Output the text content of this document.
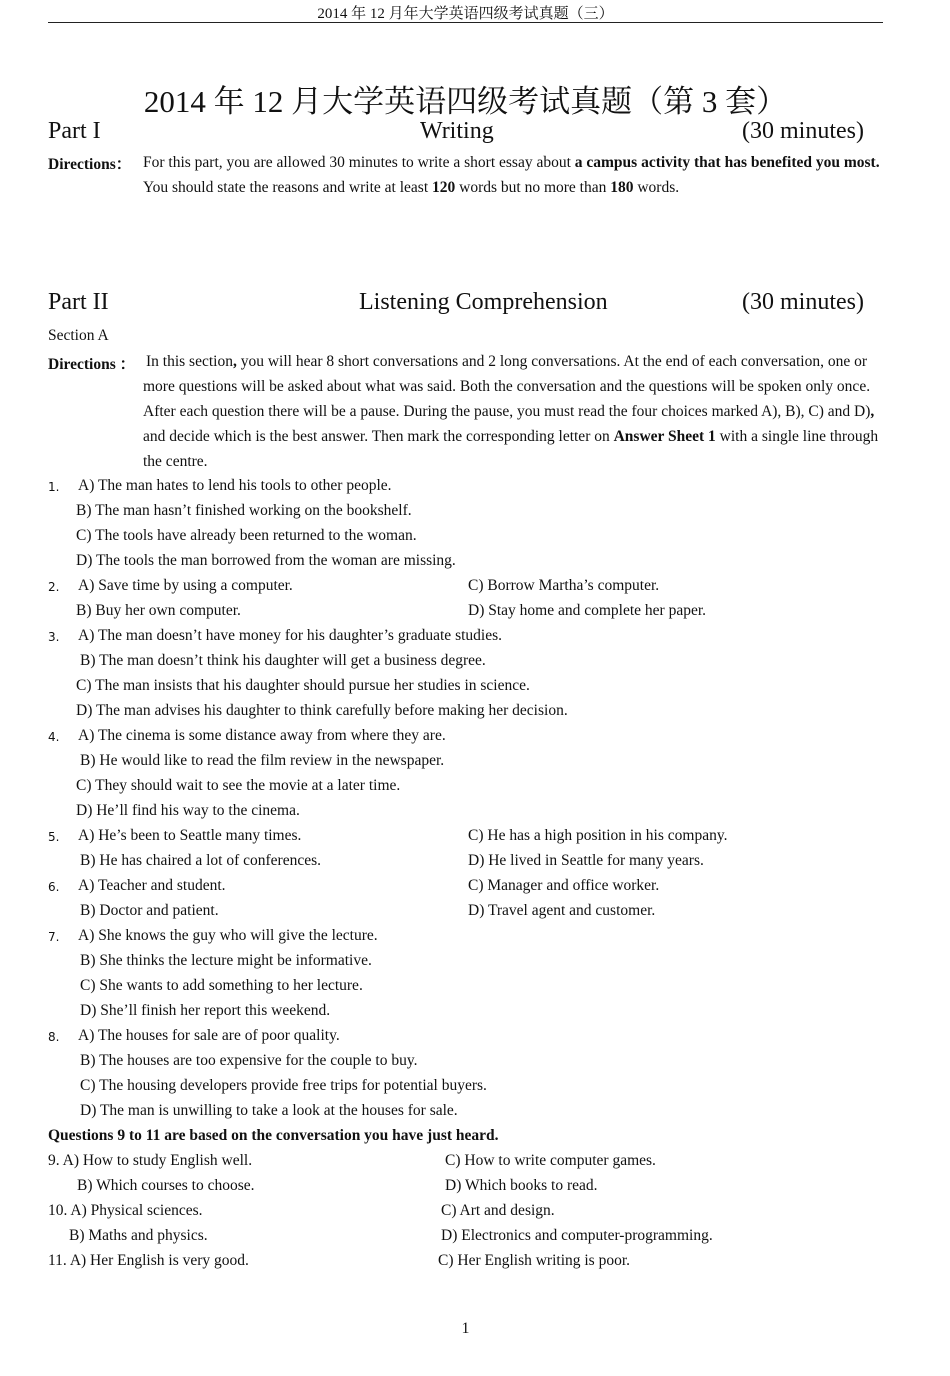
2014 年 12 月年大学英语四级考试真题（三）
2014 年 12 月大学英语四级考试真题（第 3 套）
Part I	Writing	(30 minutes)
Directions： For this part, you are allowed 30 minutes to write a short essay about a campus activity that has benefited you most. You should state the reasons and write at least 120 words but no more than 180 words.
Part II	Listening Comprehension	(30 minutes)
Section A
Directions ： In this section, you will hear 8 short conversations and 2 long conversations. At the end of each conversation, one or more questions will be asked about what was said. Both the conversation and the questions will be spoken only once. After each question there will be a pause. During the pause, you must read the four choices marked A), B), C) and D), and decide which is the best answer. Then mark the corresponding letter on Answer Sheet 1 with a single line through the centre.
1. A) The man hates to lend his tools to other people.
B) The man hasn’t finished working on the bookshelf.
C) The tools have already been returned to the woman.
D) The tools the man borrowed from the woman are missing.
2. A) Save time by using a computer.	C) Borrow Martha’s computer.
B) Buy her own computer.	D) Stay home and complete her paper.
3. A) The man doesn’t have money for his daughter’s graduate studies.
B) The man doesn’t think his daughter will get a business degree.
C) The man insists that his daughter should pursue her studies in science.
D) The man advises his daughter to think carefully before making her decision.
4. A) The cinema is some distance away from where they are.
B) He would like to read the film review in the newspaper.
C) They should wait to see the movie at a later time.
D) He’ll find his way to the cinema.
5. A) He’s been to Seattle many times.	C) He has a high position in his company.
B) He has chaired a lot of conferences.	D) He lived in Seattle for many years.
6. A) Teacher and student.	C) Manager and office worker.
B) Doctor and patient.	D) Travel agent and customer.
7. A) She knows the guy who will give the lecture.
B) She thinks the lecture might be informative.
C) She wants to add something to her lecture.
D) She’ll finish her report this weekend.
8. A) The houses for sale are of poor quality.
B) The houses are too expensive for the couple to buy.
C) The housing developers provide free trips for potential buyers.
D) The man is unwilling to take a look at the houses for sale.
Questions 9 to 11 are based on the conversation you have just heard.
9. A) How to study English well.	C) How to write computer games.
B) Which courses to choose.	D) Which books to read.
10. A) Physical sciences.	C) Art and design.
B) Maths and physics.	D) Electronics and computer-programming.
11. A) Her English is very good.	C) Her English writing is poor.
1
